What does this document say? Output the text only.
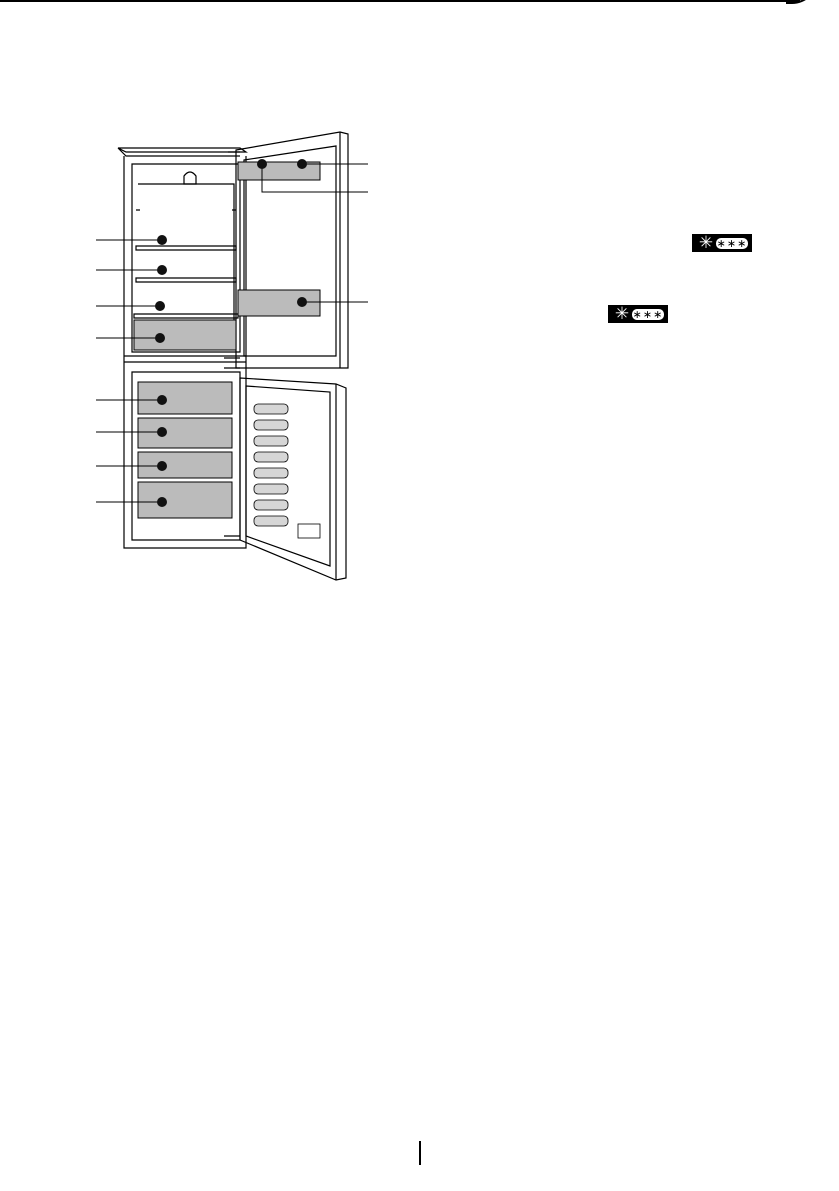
✳ ∗∗∗
✳ ∗∗∗
